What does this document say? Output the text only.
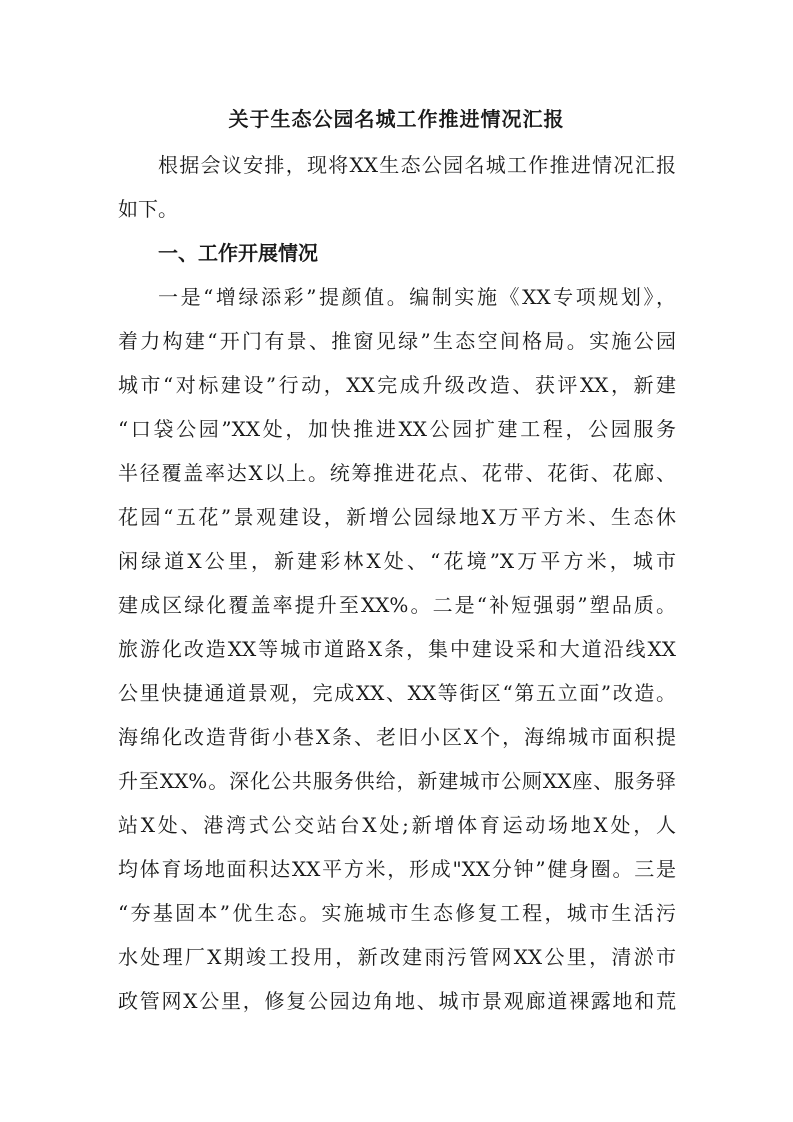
关于生态公园名城工作推进情况汇报
根据会议安排，现将XX生态公园名城工作推进情况汇报
如下。
一、工作开展情况
一是“增绿添彩”提颜值。编制实施《XX专项规划》，
着力构建“开门有景、推窗见绿”生态空间格局。实施公园
城市“对标建设”行动，XX完成升级改造、获评XX，新建
“口袋公园”XX处，加快推进XX公园扩建工程，公园服务
半径覆盖率达X以上。统筹推进花点、花带、花街、花廊、
花园“五花”景观建设，新增公园绿地X万平方米、生态休
闲绿道X公里，新建彩林X处、“花境”X万平方米，城市
建成区绿化覆盖率提升至XX%。二是“补短强弱”塑品质。
旅游化改造XX等城市道路X条，集中建设采和大道沿线XX
公里快捷通道景观，完成XX、XX等街区“第五立面”改造。
海绵化改造背街小巷X条、老旧小区X个，海绵城市面积提
升至XX%。深化公共服务供给，新建城市公厕XX座、服务驿
站X处、港湾式公交站台X处;新增体育运动场地X处，人
均体育场地面积达XX平方米，形成"XX分钟”健身圈。三是
“夯基固本”优生态。实施城市生态修复工程，城市生活污
水处理厂X期竣工投用，新改建雨污管网XX公里，清淤市
政管网X公里，修复公园边角地、城市景观廊道裸露地和荒
